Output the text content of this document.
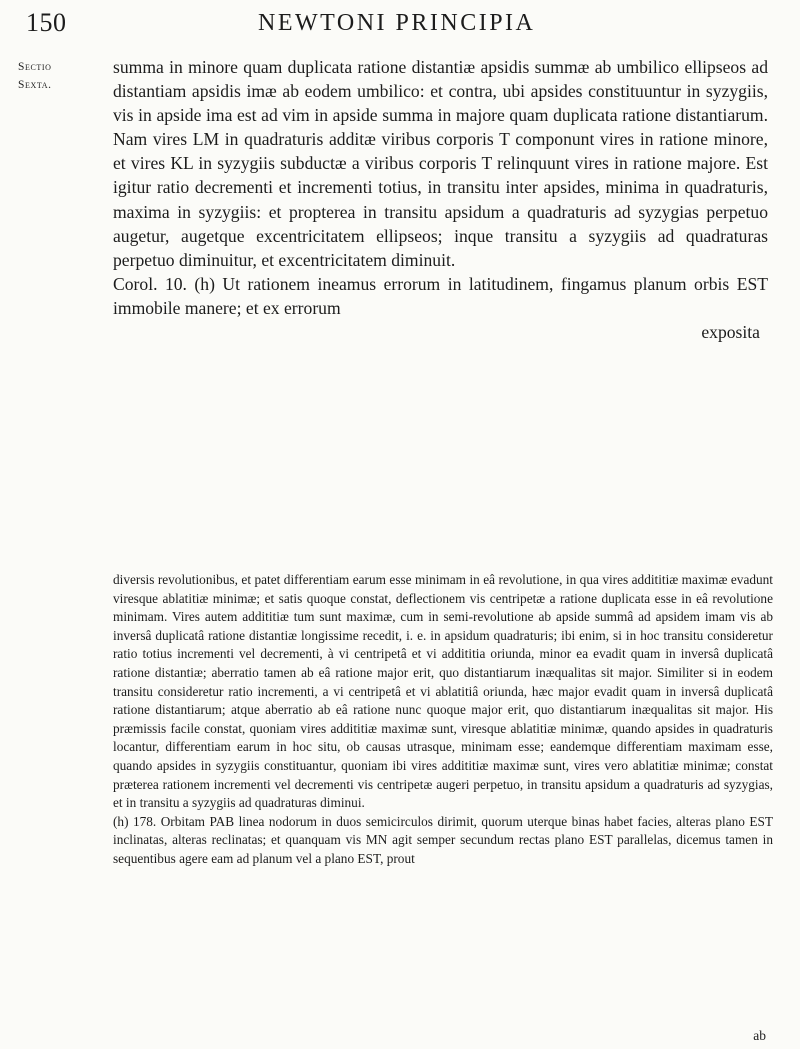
150	NEWTONI PRINCIPIA
Sectio
Sexta.

summa in minore quam duplicata ratione distantiæ apsidis summæ ab umbilico ellipseos ad distantiam apsidis imæ ab eodem umbilico: et contra, ubi apsides constituuntur in syzygiis, vis in apside ima est ad vim in apside summa in majore quam duplicata ratione distantiarum. Nam vires LM in quadraturis additæ viribus corporis T componunt vires in ratione minore, et vires KL in syzygiis subductæ a viribus corporis T relinquunt vires in ratione majore. Est igitur ratio decrementi et incrementi totius, in transitu inter apsides, minima in quadraturis, maxima in syzygiis: et propterea in transitu apsidum a quadraturis ad syzygias perpetuo augetur, augetque excentricitatem ellipseos; inque transitu a syzygiis ad quadraturas perpetuo diminuitur, et excentricitatem diminuit.

Corol. 10. (h) Ut rationem ineamus errorum in latitudinem, fingamus planum orbis EST immobile manere; et ex errorum

exposita

diversis revolutionibus, et patet differentiam earum esse minimam in eâ revolutione, in qua vires addititiæ maximæ evadunt viresque ablatitiæ minimæ; et satis quoque constat, deflectionem vis centripetæ a ratione duplicata esse in eâ revolutione minimam. Vires autem addititiæ tum sunt maximæ, cum in semi-revolutione ab apside summâ ad apsidem imam vis ab inversâ duplicatâ ratione distantiæ longissime recedit, i. e. in apsidum quadraturis; ibi enim, si in hoc transitu consideretur ratio totius incrementi vel decrementi, à vi centripetâ et vi addititia oriunda, minor ea evadit quam in inversâ duplicatâ ratione distantiæ; aberratio tamen ab eâ ratione major erit, quo distantiarum inæqualitas sit major. Similiter si in eodem transitu consideretur ratio incrementi, a vi centripetâ et vi ablatitiâ oriunda, hæc major evadit quam in inversâ duplicatâ ratione distantiarum; atque aberratio ab eâ ratione nunc quoque major erit, quo distantiarum inæqualitas sit major. His præmissis facile constat, quoniam vires addititiæ maximæ sunt, viresque ablatitiæ minimæ, quando apsides in quadraturis locantur, differentiam earum in hoc situ, ob causas utrasque, minimam esse; eandemque differentiam maximam esse, quando apsides in syzygiis constituantur, quoniam ibi vires addititiæ maximæ sunt, vires vero ablatitiæ minimæ; constat præterea rationem incrementi vel decrementi vis centripetæ augeri perpetuo, in transitu apsidum a quadraturis ad syzygias, et in transitu a syzygiis ad quadraturas diminui.

(h) 178. Orbitam PAB linea nodorum in duos semicirculos dirimit, quorum uterque binas habet facies, alteras plano EST inclinatas, alteras reclinatas; et quanquam vis MN agit semper secundum rectas plano EST parallelas, dicemus tamen in sequentibus agere eam ad planum vel a plano EST, prout

ab
